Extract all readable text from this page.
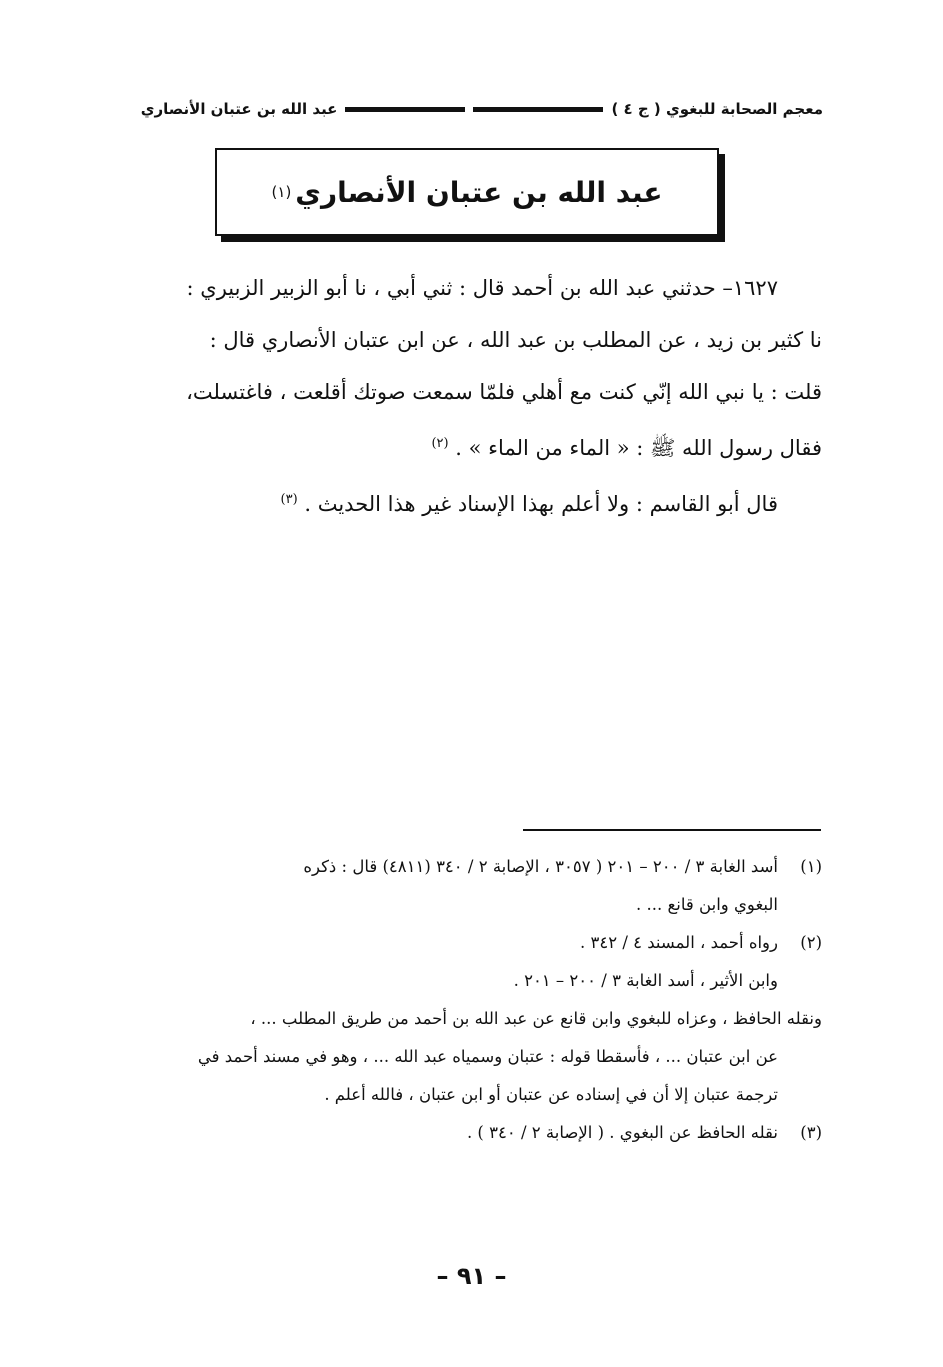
معجم الصحابة للبغوي ( ج ٤ )
عبد الله بن عتبان الأنصاري
عبد الله بن عتبان الأنصاري
(١)

١٦٢٧– حدثني عبد الله بن أحمد قال : ثني أبي ، نا أبو الزبير الزبيري :

نا كثير بن زيد ، عن المطلب بن عبد الله ، عن ابن عتبان الأنصاري قال :

قلت : يا نبي الله إنّي كنت مع أهلي فلمّا سمعت صوتك أقلعت ، فاغتسلت،

فقال رسول الله ﷺ : « الماء من الماء » . $^{(٢)}$

قال أبو القاسم : ولا أعلم بهذا الإسناد غير هذا الحديث . $^{(٣)}$

(١)
أسد الغابة ٣ / ٢٠٠ – ٢٠١ ( ٣٠٥٧ ، الإصابة ٢ / ٣٤٠ (٤٨١١) قال : ذكره
البغوي وابن قانع ... .
(٢)
رواه أحمد ، المسند ٤ / ٣٤٢ .
وابن الأثير ، أسد الغابة ٣ / ٢٠٠ – ٢٠١ .
ونقله الحافظ ، وعزاه للبغوي وابن قانع عن عبد الله بن أحمد من طريق المطلب ... ،
عن ابن عتبان ... ، فأسقطا قوله : عتبان وسمياه عبد الله ... ، وهو في مسند أحمد في
ترجمة عتبان إلا أن في إسناده عن عتبان أو ابن عتبان ، فالله أعلم .
(٣)
نقله الحافظ عن البغوي . ( الإصابة ٢ / ٣٤٠ ) .
– ٩١ –
